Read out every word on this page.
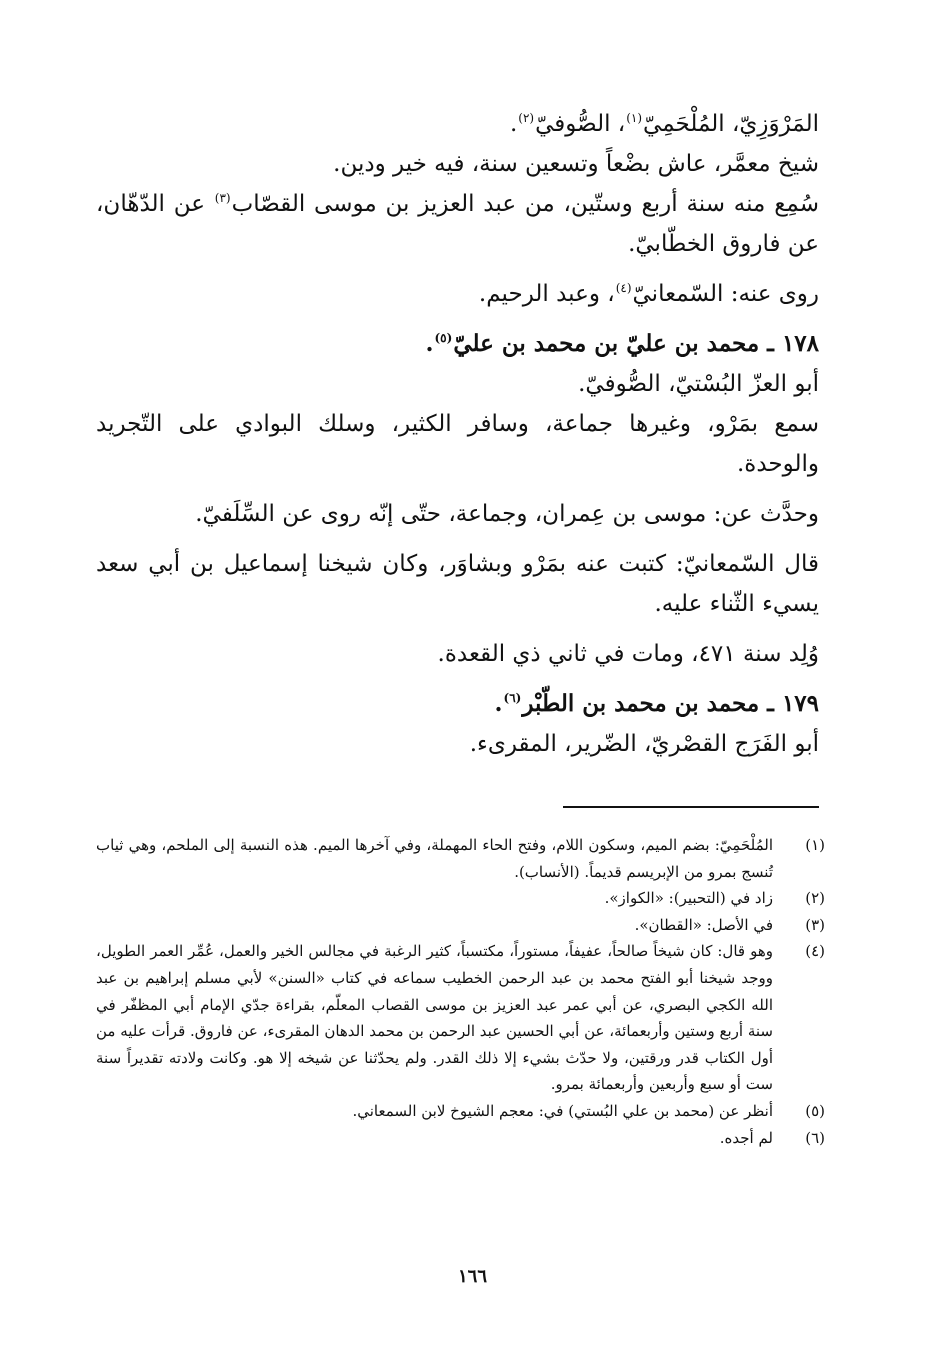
المَرْوَزِيّ، المُلْحَمِيّ$^{(١)}$، الصُّوفيّ$^{(٢)}$.

شيخ معمَّر، عاش بضْعاً وتسعين سنة، فيه خير ودين.

سُمِع منه سنة أربع وستّين، من عبد العزيز بن موسى القصّاب$^{(٣)}$ عن الدّهّان، عن فاروق الخطّابيّ.

روى عنه: السّمعانيّ$^{(٤)}$، وعبد الرحيم.

١٧٨ ـ محمد بن عليّ بن محمد بن عليّ$^{(٥)}$.

أبو العزّ البُسْتيّ، الصُّوفيّ.

سمع بمَرْو، وغيرها جماعة، وسافر الكثير، وسلك البوادي على التّجريد والوحدة.

وحدَّث عن: موسى بن عِمران، وجماعة، حتّى إنّه روى عن السِّلَفيّ.

قال السّمعانيّ: كتبت عنه بمَرْو وبشاوَر، وكان شيخنا إسماعيل بن أبي سعد يسيء الثّناء عليه.

وُلِد سنة ٤٧١، ومات في ثاني ذي القعدة.

١٧٩ ـ محمد بن محمد بن الطّبْر$^{(٦)}$.

أبو الفَرَج القصْريّ، الضّرير، المقرىء.

(١)
المُلْحَمِيّ: بضم الميم، وسكون اللام، وفتح الحاء المهملة، وفي آخرها الميم. هذه النسبة إلى الملحم، وهي ثياب تُنسج بمرو من الإبريسم قديماً. (الأنساب).
(٢)
زاد في (التحبير): «الكواز».
(٣)
في الأصل: «القطان».
(٤)
وهو قال: كان شيخاً صالحاً، عفيفاً، مستوراً، مكتسباً، كثير الرغبة في مجالس الخير والعمل، عُمِّر العمر الطويل، ووجد شيخنا أبو الفتح محمد بن عبد الرحمن الخطيب سماعه في كتاب «السنن» لأبي مسلم إبراهيم بن عبد الله الكجي البصري، عن أبي عمر عبد العزيز بن موسى القصاب المعلّم، بقراءة جدّي الإمام أبي المظفّر في سنة أربع وستين وأربعمائة، عن أبي الحسين عبد الرحمن بن محمد الدهان المقرىء، عن فاروق. قرأت عليه من أول الكتاب قدر ورقتين، ولا حدّث بشيء إلا ذلك القدر. ولم يحدّثنا عن شيخه إلا هو. وكانت ولادته تقديراً سنة ست أو سبع وأربعين وأربعمائة بمرو.
(٥)
أنظر عن (محمد بن علي البُستي) في: معجم الشيوخ لابن السمعاني.
(٦)
لم أجده.
١٦٦
